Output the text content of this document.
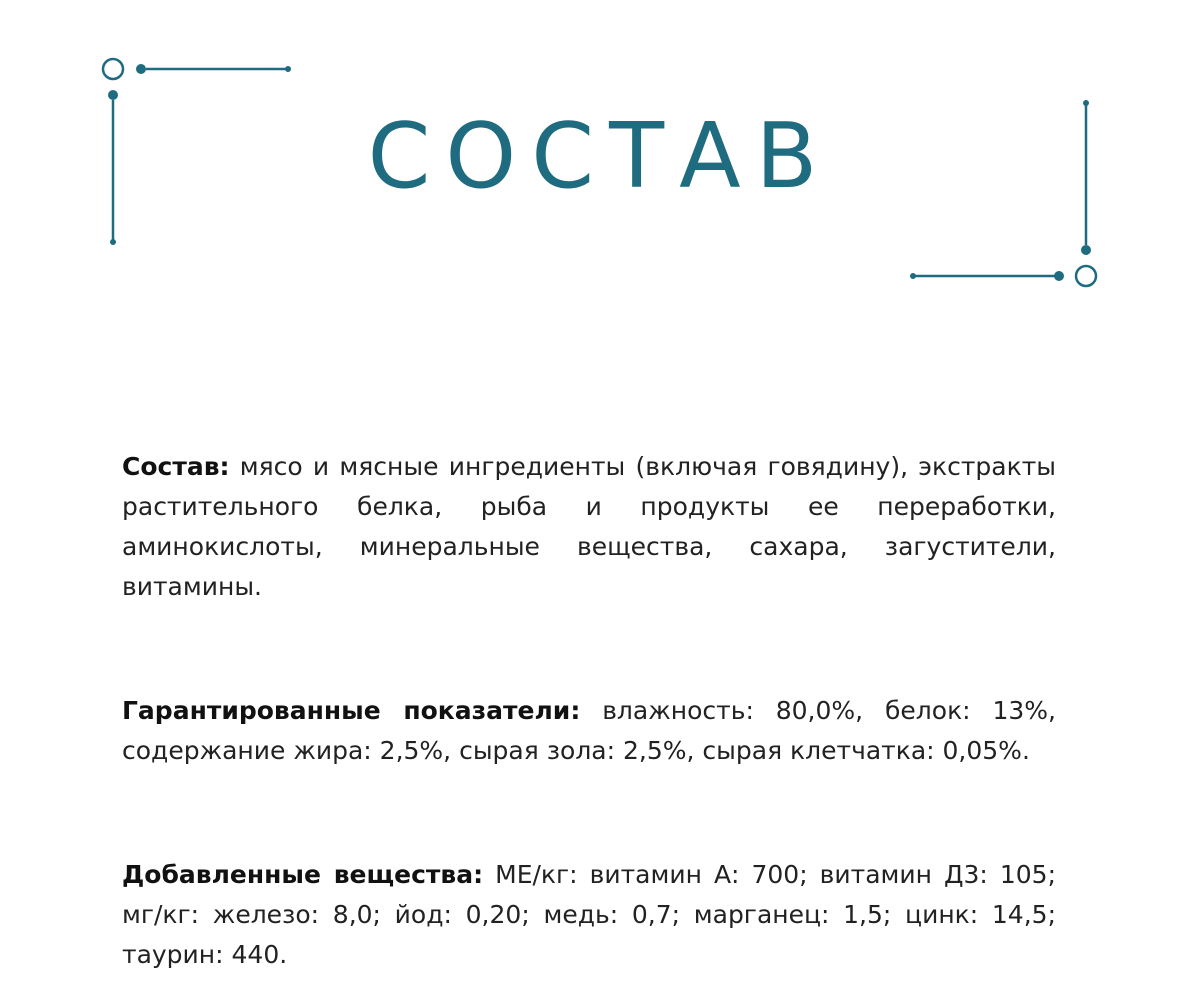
СОСТАВ

Состав: мясо и мясные ингредиенты (включая говядину), экстракты растительного белка, рыба и продукты ее переработки, аминокислоты, минеральные вещества, сахара, загустители, витамины.

Гарантированные показатели: влажность: 80,0%, белок: 13%, содержание жира: 2,5%, сырая зола: 2,5%, сырая клетчатка: 0,05%.

Добавленные вещества: МЕ/кг: витамин А: 700; витамин Д3: 105; мг/кг: железо: 8,0; йод: 0,20; медь: 0,7; марганец: 1,5; цинк: 14,5; таурин: 440.
